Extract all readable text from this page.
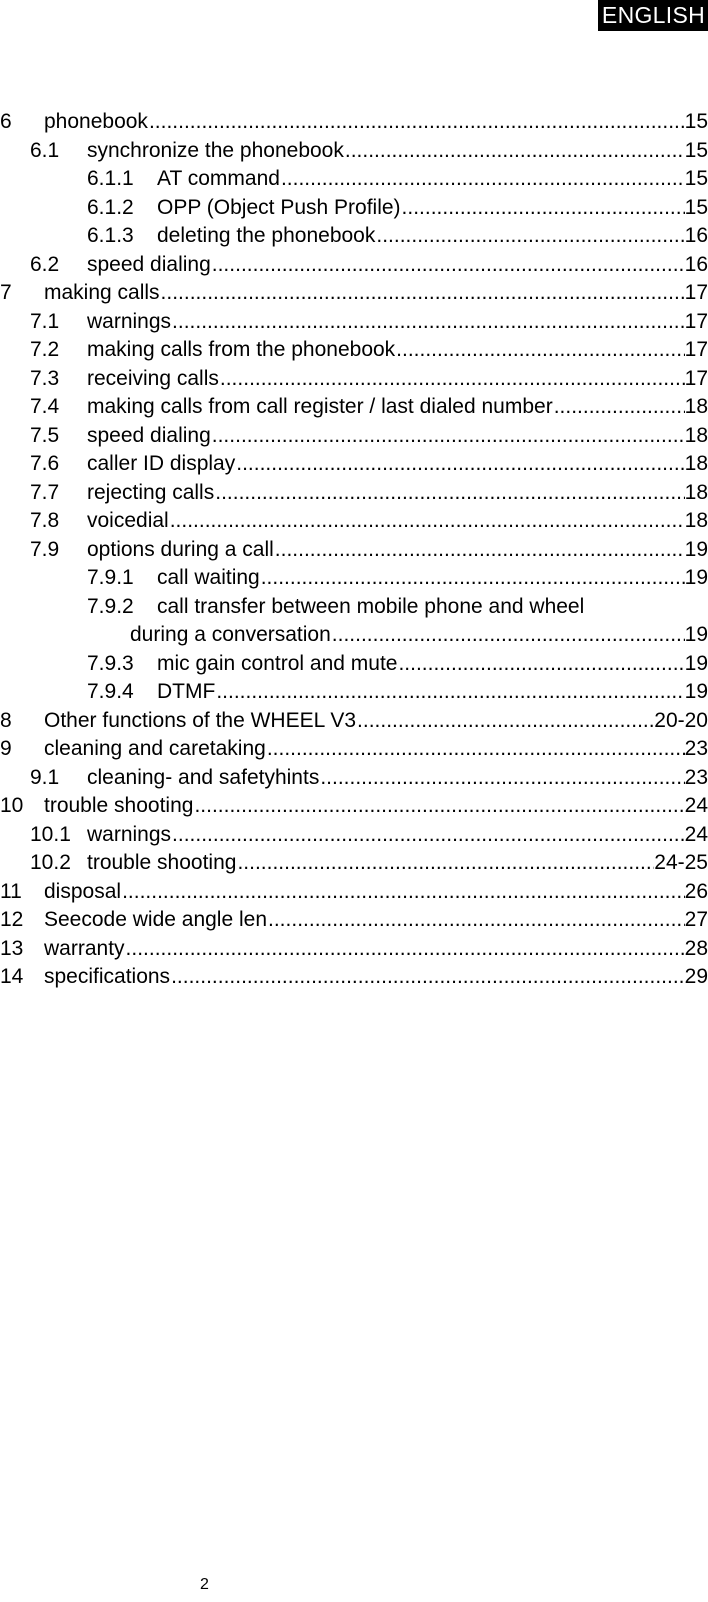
ENGLISH
6 phonebook .....	15
6.1 synchronize the phonebook .....	15
6.1.1 AT command .....	15
6.1.2 OPP (Object Push Profile) .....	15
6.1.3 deleting the phonebook .....	16
6.2 speed dialing .....	16
7 making calls .....	17
7.1 warnings .....	17
7.2 making calls from the phonebook .....	17
7.3 receiving calls .....	17
7.4 making calls from call register / last dialed number .....	18
7.5 speed dialing .....	18
7.6 caller ID display .....	18
7.7 rejecting calls .....	18
7.8 voicedial .....	18
7.9 options during a call .....	19
7.9.1 call waiting .....	19
7.9.2 call transfer between mobile phone and wheel
during a conversation .....	19
7.9.3 mic gain control and mute .....	19
7.9.4 DTMF .....	19
8 Other functions of the WHEEL V3 .....	20-20
9 cleaning and caretaking .....	23
9.1 cleaning- and safetyhints .....	23
10 trouble shooting .....	24
10.1 warnings .....	24
10.2 trouble shooting .....	24-25
11 disposal .....	26
12 Seecode wide angle len .....	27
13 warranty .....	28
14 specifications .....	29
2
